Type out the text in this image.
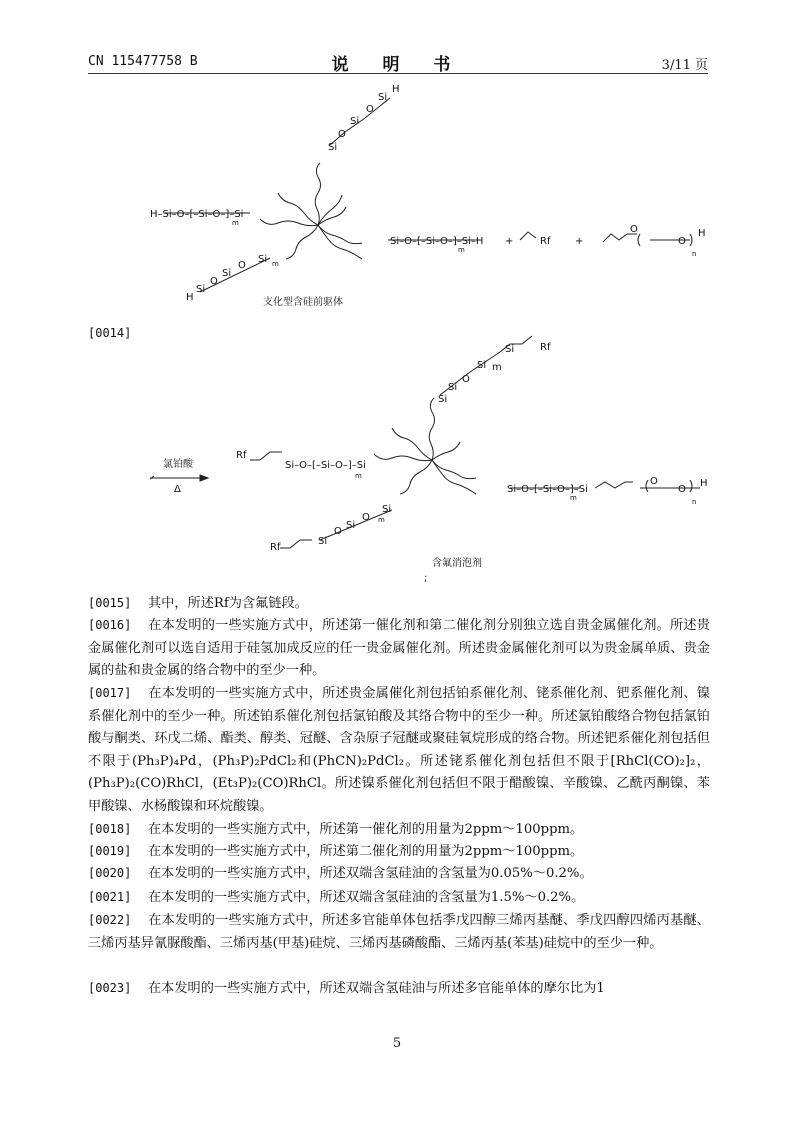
CN 115477758 B	说 明 书	3/11 页
Si
O
Si
O
Si
H
H–Si–O–[–Si–O–]–Si
m
Si–O–[–Si–O–]–Si–H
m
+	Rf +
O
O
H
n
H
Si
O
Si
O
Si m
支化型含硅前驱体
Si	Rf
Si m
O
Si
Si
氯铂酸
Δ
Rf
Si–O–[–Si–O–]–Si
m
Si–O–[–Si–O–]–Si
m
O
O
H
n
Rf
Si
O
Si
O
Si
m
含氟消泡剂
;
[0014]
[0015] 其中，所述Rf为含氟链段。
[0016] 在本发明的一些实施方式中，所述第一催化剂和第二催化剂分别独立选自贵金属催化剂。所述贵金属催化剂可以选自适用于硅氢加成反应的任一贵金属催化剂。所述贵金属催化剂可以为贵金属单质、贵金属的盐和贵金属的络合物中的至少一种。
[0017] 在本发明的一些实施方式中，所述贵金属催化剂包括铂系催化剂、铑系催化剂、钯系催化剂、镍系催化剂中的至少一种。所述铂系催化剂包括氯铂酸及其络合物中的至少一种。所述氯铂酸络合物包括氯铂酸与酮类、环戊二烯、酯类、醇类、冠醚、含杂原子冠醚或聚硅氧烷形成的络合物。所述钯系催化剂包括但不限于(Ph₃P)₄Pd，(Ph₃P)₂PdCl₂和(PhCN)₂PdCl₂。所述铑系催化剂包括但不限于[RhCl(CO)₂]₂，(Ph₃P)₂(CO)RhCl，(Et₃P)₂(CO)RhCl。所述镍系催化剂包括但不限于醋酸镍、辛酸镍、乙酰丙酮镍、苯甲酸镍、水杨酸镍和环烷酸镍。
[0018] 在本发明的一些实施方式中，所述第一催化剂的用量为2ppm～100ppm。
[0019] 在本发明的一些实施方式中，所述第二催化剂的用量为2ppm～100ppm。
[0020] 在本发明的一些实施方式中，所述双端含氢硅油的含氢量为0.05%～0.2%。
[0021] 在本发明的一些实施方式中，所述双端含氢硅油的含氢量为1.5%～0.2%。
[0022] 在本发明的一些实施方式中，所述多官能单体包括季戊四醇三烯丙基醚、季戊四醇四烯丙基醚、三烯丙基异氰脲酸酯、三烯丙基(甲基)硅烷、三烯丙基磷酸酯、三烯丙基(苯基)硅烷中的至少一种。
[0023] 在本发明的一些实施方式中，所述双端含氢硅油与所述多官能单体的摩尔比为1
5
